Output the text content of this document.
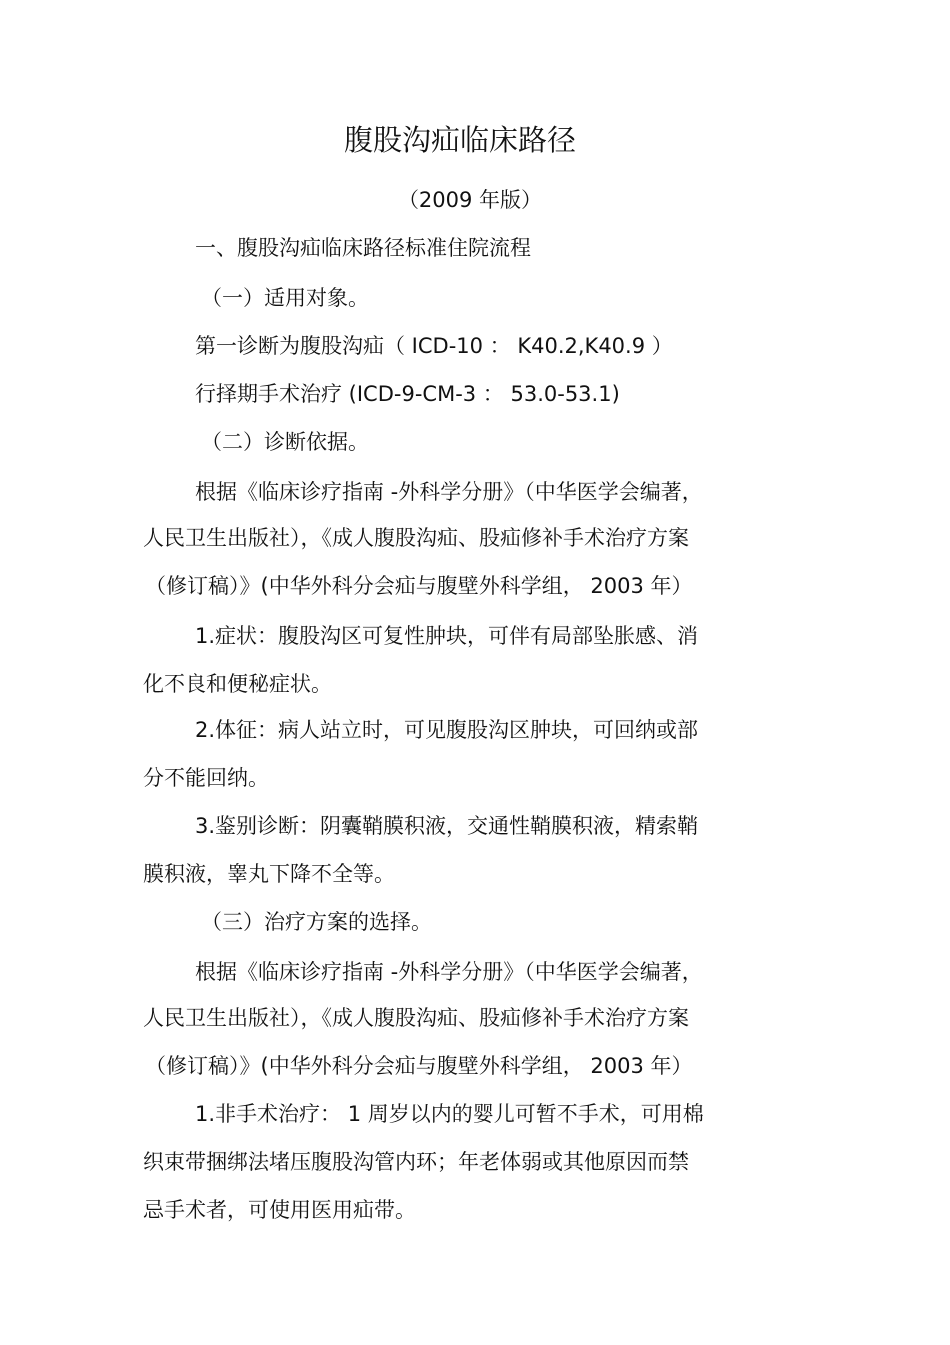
腹股沟疝临床路径
（2009 年版）
一、腹股沟疝临床路径标准住院流程
（一）适用对象。
第一诊断为腹股沟疝（ ICD-10 ： K40.2,K40.9 ）
行择期手术治疗 (ICD-9-CM-3 ： 53.0-53.1)
（二）诊断依据。
根据《临床诊疗指南 -外科学分册》（中华医学会编著，
人民卫生出版社），《成人腹股沟疝、股疝修补手术治疗方案
（修订稿）》(中华外科分会疝与腹壁外科学组， 2003 年）
1.症状：腹股沟区可复性肿块，可伴有局部坠胀感、消
化不良和便秘症状。
2.体征：病人站立时，可见腹股沟区肿块，可回纳或部
分不能回纳。
3.鉴别诊断：阴囊鞘膜积液，交通性鞘膜积液，精索鞘
膜积液，睾丸下降不全等。
（三）治疗方案的选择。
根据《临床诊疗指南 -外科学分册》（中华医学会编著，
人民卫生出版社），《成人腹股沟疝、股疝修补手术治疗方案
（修订稿）》(中华外科分会疝与腹壁外科学组， 2003 年）
1.非手术治疗： 1 周岁以内的婴儿可暂不手术，可用棉
织束带捆绑法堵压腹股沟管内环；年老体弱或其他原因而禁
忌手术者，可使用医用疝带。
